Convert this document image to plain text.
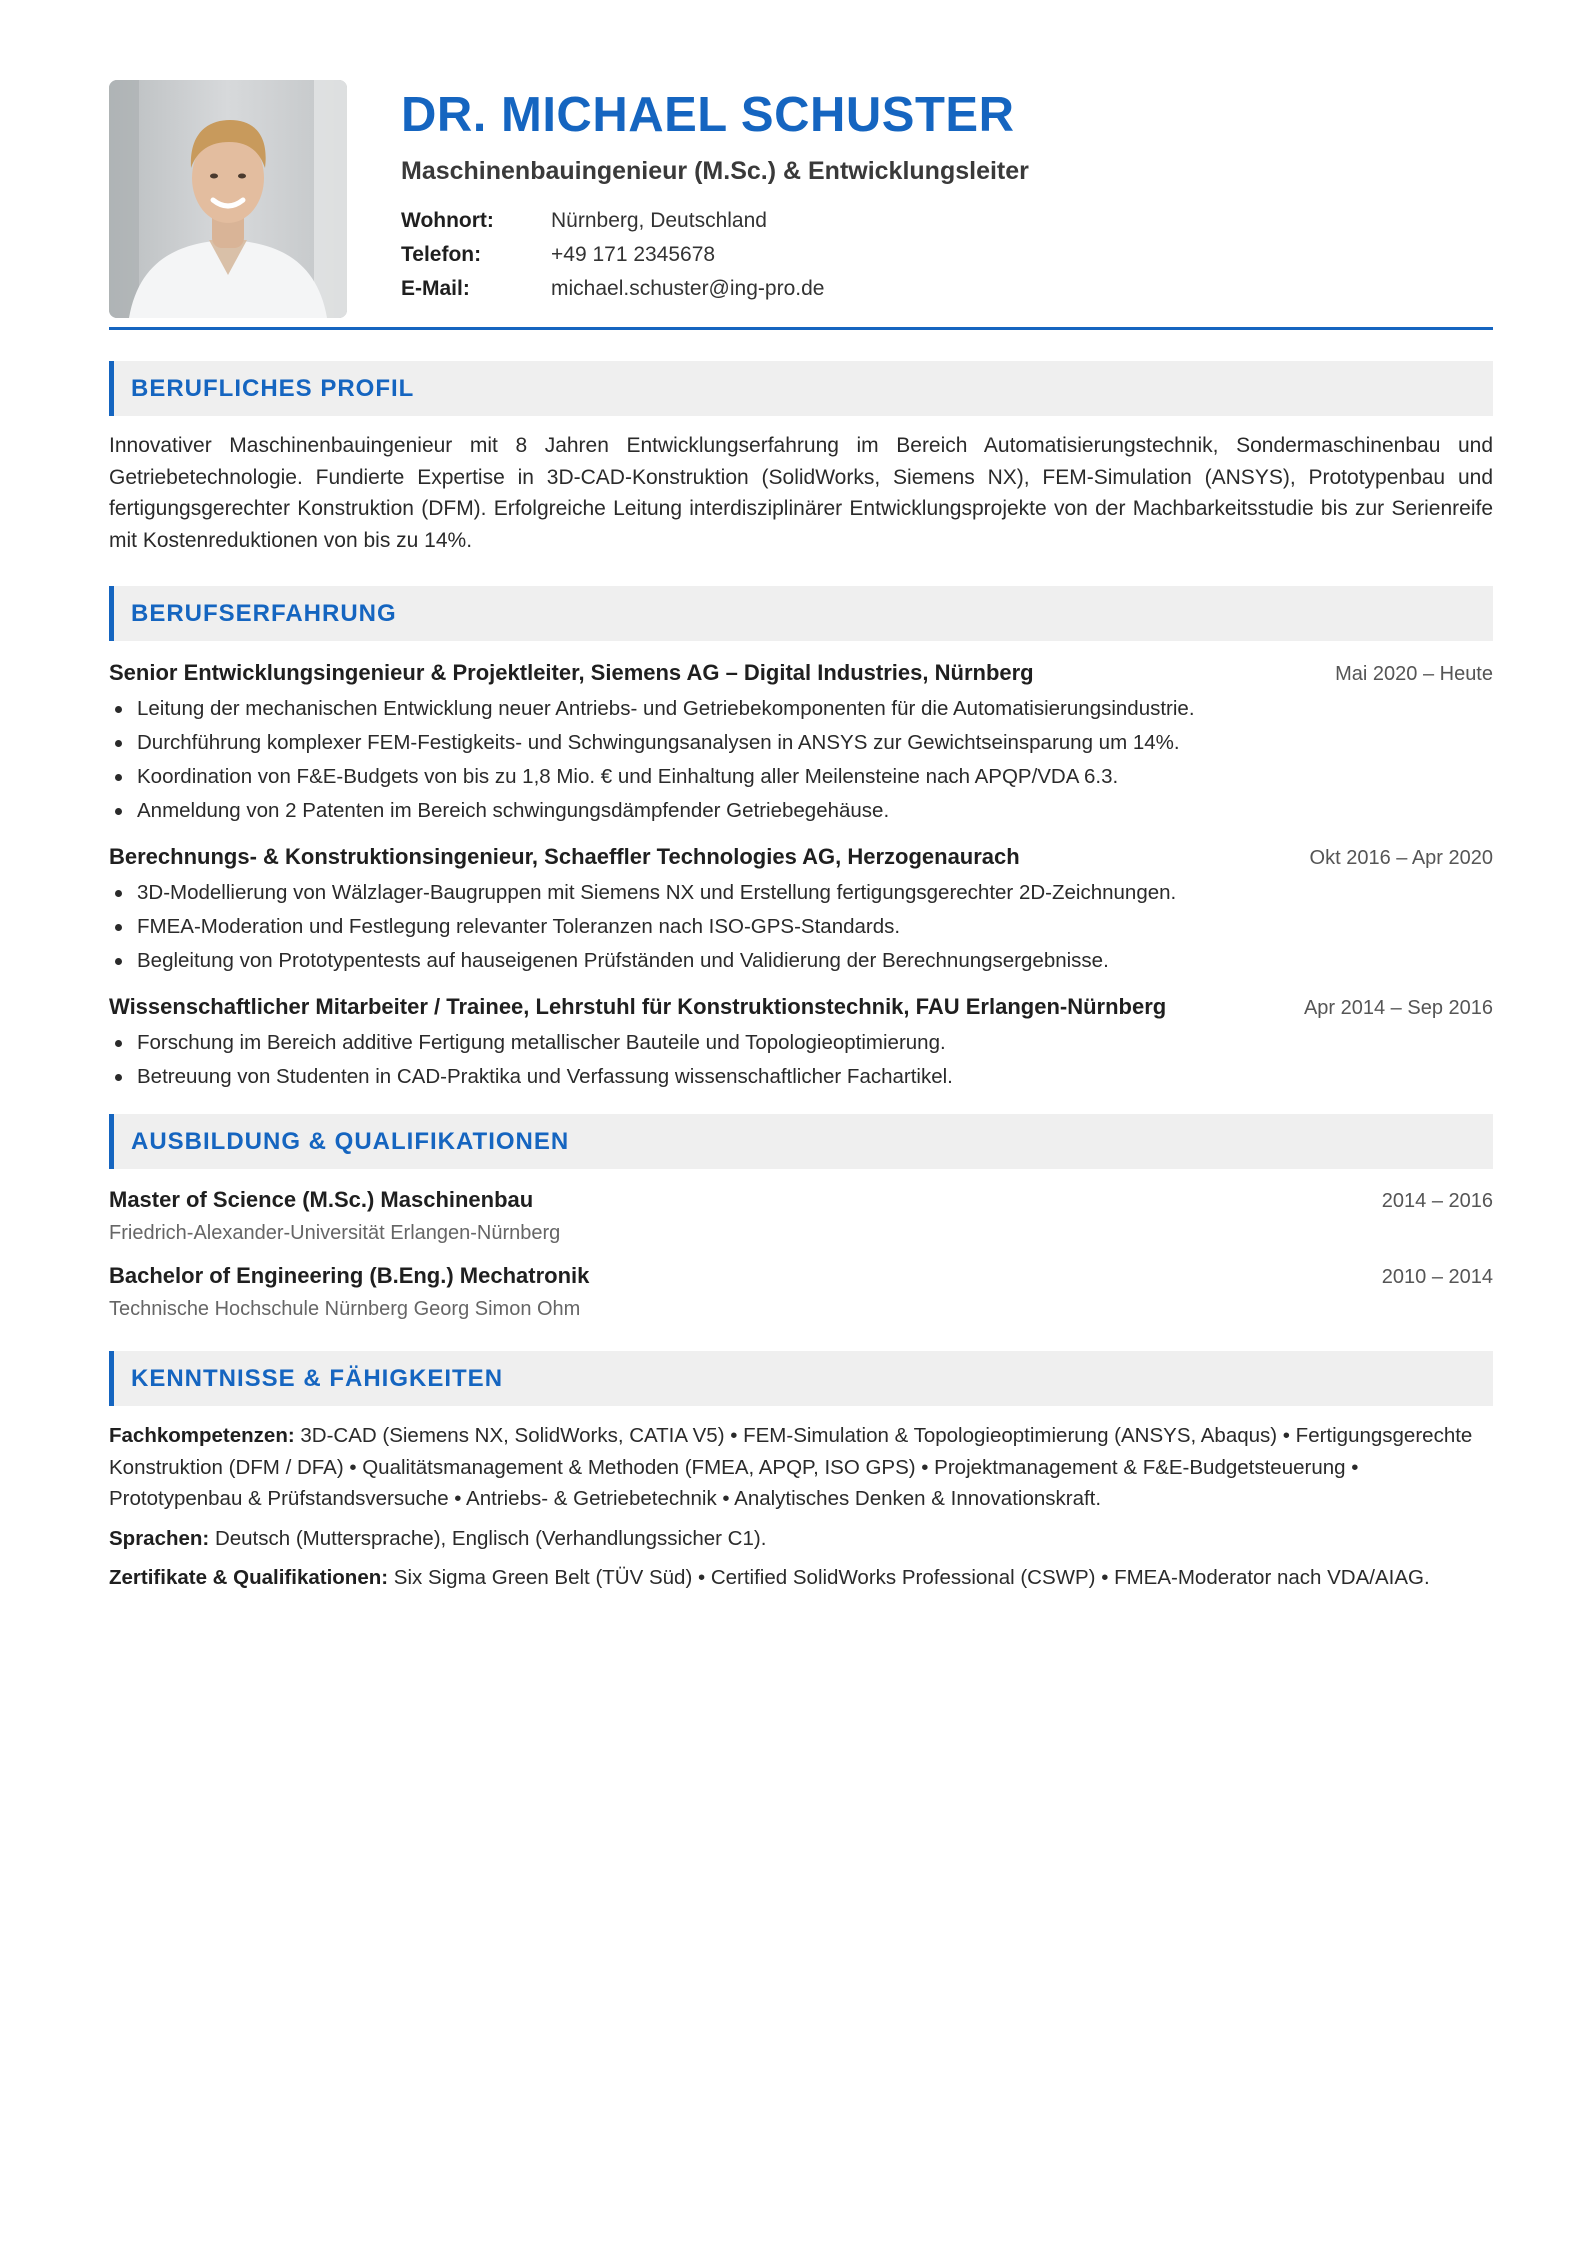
DR. MICHAEL SCHUSTER
Maschinenbauingenieur (M.Sc.) & Entwicklungsleiter
Wohnort:	Nürnberg, Deutschland
Telefon:	+49 171 2345678
E-Mail:	michael.schuster@ing-pro.de
BERUFLICHES PROFIL
Innovativer Maschinenbauingenieur mit 8 Jahren Entwicklungserfahrung im Bereich Automatisierungstechnik, Sondermaschinenbau und Getriebetechnologie. Fundierte Expertise in 3D-CAD-Konstruktion (SolidWorks, Siemens NX), FEM-Simulation (ANSYS), Prototypenbau und fertigungsgerechter Konstruktion (DFM). Erfolgreiche Leitung interdisziplinärer Entwicklungsprojekte von der Machbarkeitsstudie bis zur Serienreife mit Kostenreduktionen von bis zu 14%.
BERUFSERFAHRUNG
Senior Entwicklungsingenieur & Projektleiter, Siemens AG – Digital Industries, Nürnberg	Mai 2020 – Heute
Leitung der mechanischen Entwicklung neuer Antriebs- und Getriebekomponenten für die Automatisierungsindustrie.
Durchführung komplexer FEM-Festigkeits- und Schwingungsanalysen in ANSYS zur Gewichtseinsparung um 14%.
Koordination von F&E-Budgets von bis zu 1,8 Mio. € und Einhaltung aller Meilensteine nach APQP/VDA 6.3.
Anmeldung von 2 Patenten im Bereich schwingungsdämpfender Getriebegehäuse.
Berechnungs- & Konstruktionsingenieur, Schaeffler Technologies AG, Herzogenaurach	Okt 2016 – Apr 2020
3D-Modellierung von Wälzlager-Baugruppen mit Siemens NX und Erstellung fertigungsgerechter 2D-Zeichnungen.
FMEA-Moderation und Festlegung relevanter Toleranzen nach ISO-GPS-Standards.
Begleitung von Prototypentests auf hauseigenen Prüfständen und Validierung der Berechnungsergebnisse.
Wissenschaftlicher Mitarbeiter / Trainee, Lehrstuhl für Konstruktionstechnik, FAU Erlangen-Nürnberg	Apr 2014 – Sep 2016
Forschung im Bereich additive Fertigung metallischer Bauteile und Topologieoptimierung.
Betreuung von Studenten in CAD-Praktika und Verfassung wissenschaftlicher Fachartikel.
AUSBILDUNG & QUALIFIKATIONEN
Master of Science (M.Sc.) Maschinenbau	2014 – 2016
Friedrich-Alexander-Universität Erlangen-Nürnberg
Bachelor of Engineering (B.Eng.) Mechatronik	2010 – 2014
Technische Hochschule Nürnberg Georg Simon Ohm
KENNTNISSE & FÄHIGKEITEN
Fachkompetenzen: 3D-CAD (Siemens NX, SolidWorks, CATIA V5) • FEM-Simulation & Topologieoptimierung (ANSYS, Abaqus) • Fertigungsgerechte Konstruktion (DFM / DFA) • Qualitätsmanagement & Methoden (FMEA, APQP, ISO GPS) • Projektmanagement & F&E-Budgetsteuerung • Prototypenbau & Prüfstandsversuche • Antriebs- & Getriebetechnik • Analytisches Denken & Innovationskraft.
Sprachen: Deutsch (Muttersprache), Englisch (Verhandlungssicher C1).
Zertifikate & Qualifikationen: Six Sigma Green Belt (TÜV Süd) • Certified SolidWorks Professional (CSWP) • FMEA-Moderator nach VDA/AIAG.
